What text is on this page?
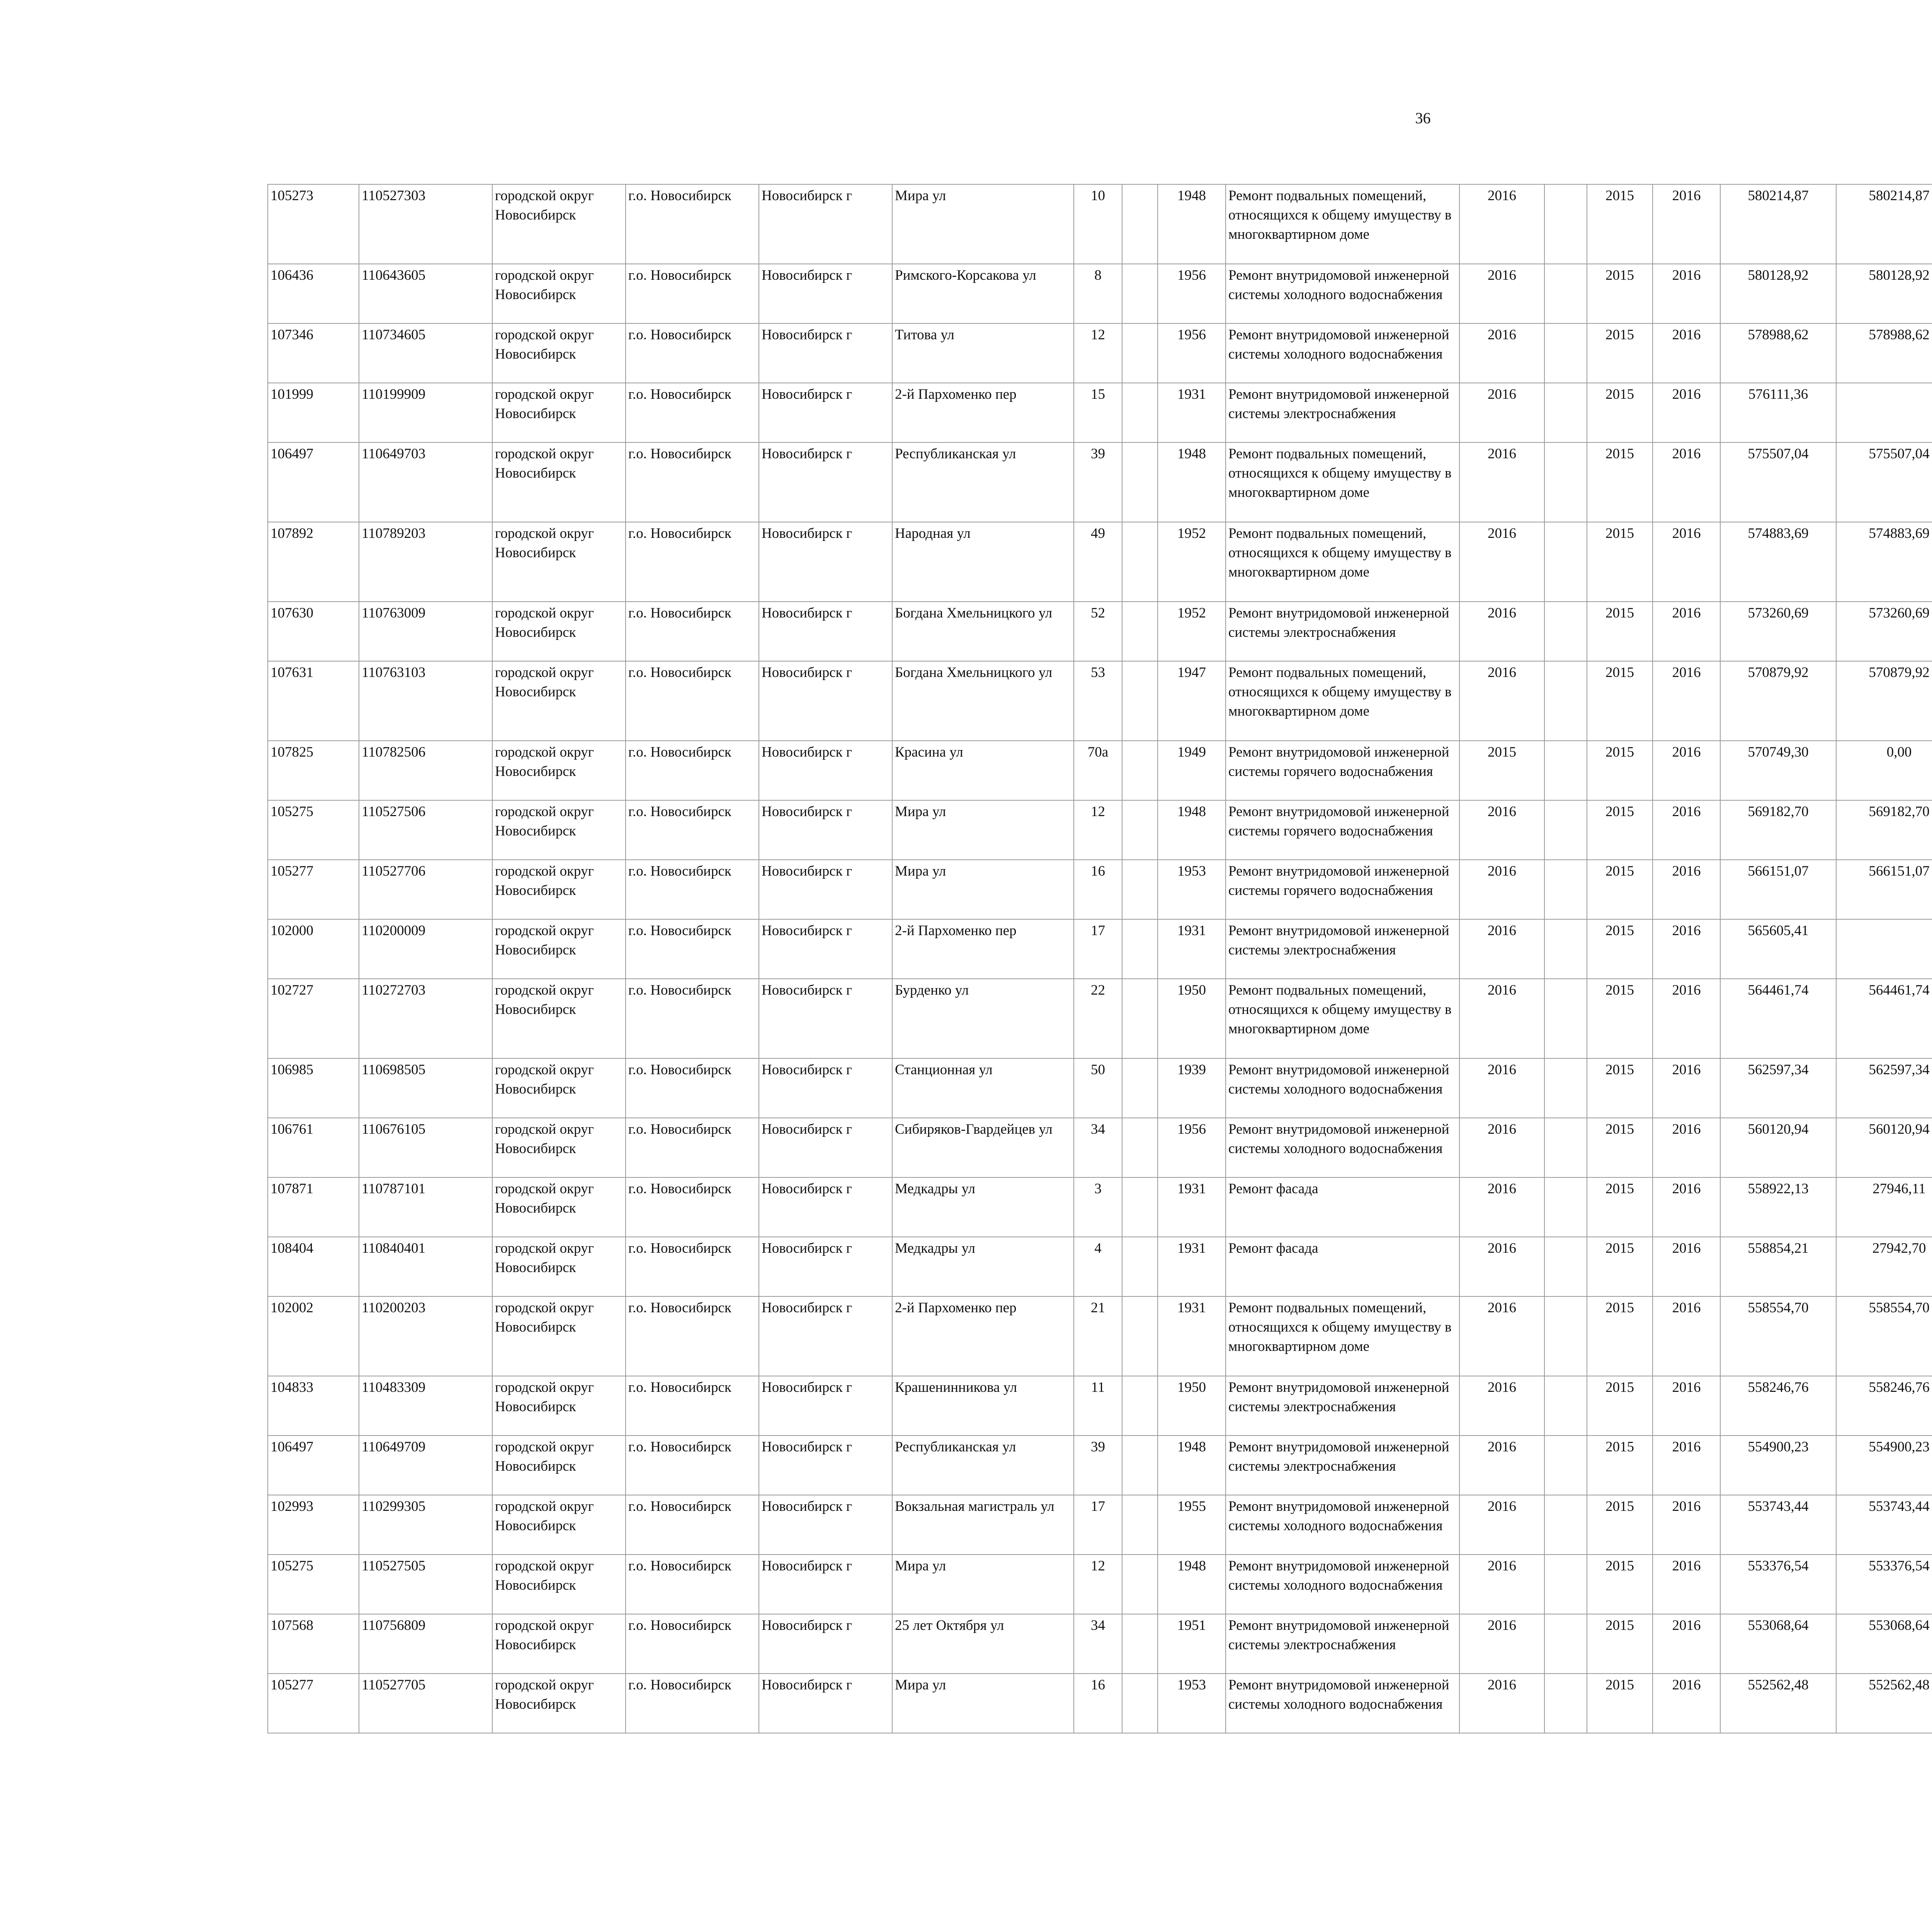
36
105273	110527303	городской округ Новосибирск	г.о. Новосибирск	Новосибирск г	Мира ул	10		1948	Ремонт подвальных помещений, относящихся к общему имуществу в многоквартирном доме	2016		2015	2016	580214,87	580214,87							
106436	110643605	городской округ Новосибирск	г.о. Новосибирск	Новосибирск г	Римского-Корсакова ул	8		1956	Ремонт внутридомовой инженерной системы холодного водоснабжения	2016		2015	2016	580128,92	580128,92							
107346	110734605	городской округ Новосибирск	г.о. Новосибирск	Новосибирск г	Титова ул	12		1956	Ремонт внутридомовой инженерной системы холодного водоснабжения	2016		2015	2016	578988,62	578988,62							
101999	110199909	городской округ Новосибирск	г.о. Новосибирск	Новосибирск г	2-й Пархоменко пер	15		1931	Ремонт внутридомовой инженерной системы электроснабжения	2016		2015	2016	576111,36								
106497	110649703	городской округ Новосибирск	г.о. Новосибирск	Новосибирск г	Республиканская ул	39		1948	Ремонт подвальных помещений, относящихся к общему имуществу в многоквартирном доме	2016		2015	2016	575507,04	575507,04							
107892	110789203	городской округ Новосибирск	г.о. Новосибирск	Новосибирск г	Народная ул	49		1952	Ремонт подвальных помещений, относящихся к общему имуществу в многоквартирном доме	2016		2015	2016	574883,69	574883,69							
107630	110763009	городской округ Новосибирск	г.о. Новосибирск	Новосибирск г	Богдана Хмельницкого ул	52		1952	Ремонт внутридомовой инженерной системы электроснабжения	2016		2015	2016	573260,69	573260,69							
107631	110763103	городской округ Новосибирск	г.о. Новосибирск	Новосибирск г	Богдана Хмельницкого ул	53		1947	Ремонт подвальных помещений, относящихся к общему имуществу в многоквартирном доме	2016		2015	2016	570879,92	570879,92							
107825	110782506	городской округ Новосибирск	г.о. Новосибирск	Новосибирск г	Красина ул	70а		1949	Ремонт внутридомовой инженерной системы горячего водоснабжения	2015		2015	2016	570749,30	0,00							
105275	110527506	городской округ Новосибирск	г.о. Новосибирск	Новосибирск г	Мира ул	12		1948	Ремонт внутридомовой инженерной системы горячего водоснабжения	2016		2015	2016	569182,70	569182,70							
105277	110527706	городской округ Новосибирск	г.о. Новосибирск	Новосибирск г	Мира ул	16		1953	Ремонт внутридомовой инженерной системы горячего водоснабжения	2016		2015	2016	566151,07	566151,07							
102000	110200009	городской округ Новосибирск	г.о. Новосибирск	Новосибирск г	2-й Пархоменко пер	17		1931	Ремонт внутридомовой инженерной системы электроснабжения	2016		2015	2016	565605,41								
102727	110272703	городской округ Новосибирск	г.о. Новосибирск	Новосибирск г	Бурденко ул	22		1950	Ремонт подвальных помещений, относящихся к общему имуществу в многоквартирном доме	2016		2015	2016	564461,74	564461,74							
106985	110698505	городской округ Новосибирск	г.о. Новосибирск	Новосибирск г	Станционная ул	50		1939	Ремонт внутридомовой инженерной системы холодного водоснабжения	2016		2015	2016	562597,34	562597,34							
106761	110676105	городской округ Новосибирск	г.о. Новосибирск	Новосибирск г	Сибиряков-Гвардейцев ул	34		1956	Ремонт внутридомовой инженерной системы холодного водоснабжения	2016		2015	2016	560120,94	560120,94							
107871	110787101	городской округ Новосибирск	г.о. Новосибирск	Новосибирск г	Медкадры ул	3		1931	Ремонт фасада	2016		2015	2016	558922,13	27946,11							
108404	110840401	городской округ Новосибирск	г.о. Новосибирск	Новосибирск г	Медкадры ул	4		1931	Ремонт фасада	2016		2015	2016	558854,21	27942,70							
102002	110200203	городской округ Новосибирск	г.о. Новосибирск	Новосибирск г	2-й Пархоменко пер	21		1931	Ремонт подвальных помещений, относящихся к общему имуществу в многоквартирном доме	2016		2015	2016	558554,70	558554,70							
104833	110483309	городской округ Новосибирск	г.о. Новосибирск	Новосибирск г	Крашенинникова ул	11		1950	Ремонт внутридомовой инженерной системы электроснабжения	2016		2015	2016	558246,76	558246,76							
106497	110649709	городской округ Новосибирск	г.о. Новосибирск	Новосибирск г	Республиканская ул	39		1948	Ремонт внутридомовой инженерной системы электроснабжения	2016		2015	2016	554900,23	554900,23							
102993	110299305	городской округ Новосибирск	г.о. Новосибирск	Новосибирск г	Вокзальная магистраль ул	17		1955	Ремонт внутридомовой инженерной системы холодного водоснабжения	2016		2015	2016	553743,44	553743,44							
105275	110527505	городской округ Новосибирск	г.о. Новосибирск	Новосибирск г	Мира ул	12		1948	Ремонт внутридомовой инженерной системы холодного водоснабжения	2016		2015	2016	553376,54	553376,54							
107568	110756809	городской округ Новосибирск	г.о. Новосибирск	Новосибирск г	25 лет Октября ул	34		1951	Ремонт внутридомовой инженерной системы электроснабжения	2016		2015	2016	553068,64	553068,64							
105277	110527705	городской округ Новосибирск	г.о. Новосибирск	Новосибирск г	Мира ул	16		1953	Ремонт внутридомовой инженерной системы холодного водоснабжения	2016		2015	2016	552562,48	552562,48							
